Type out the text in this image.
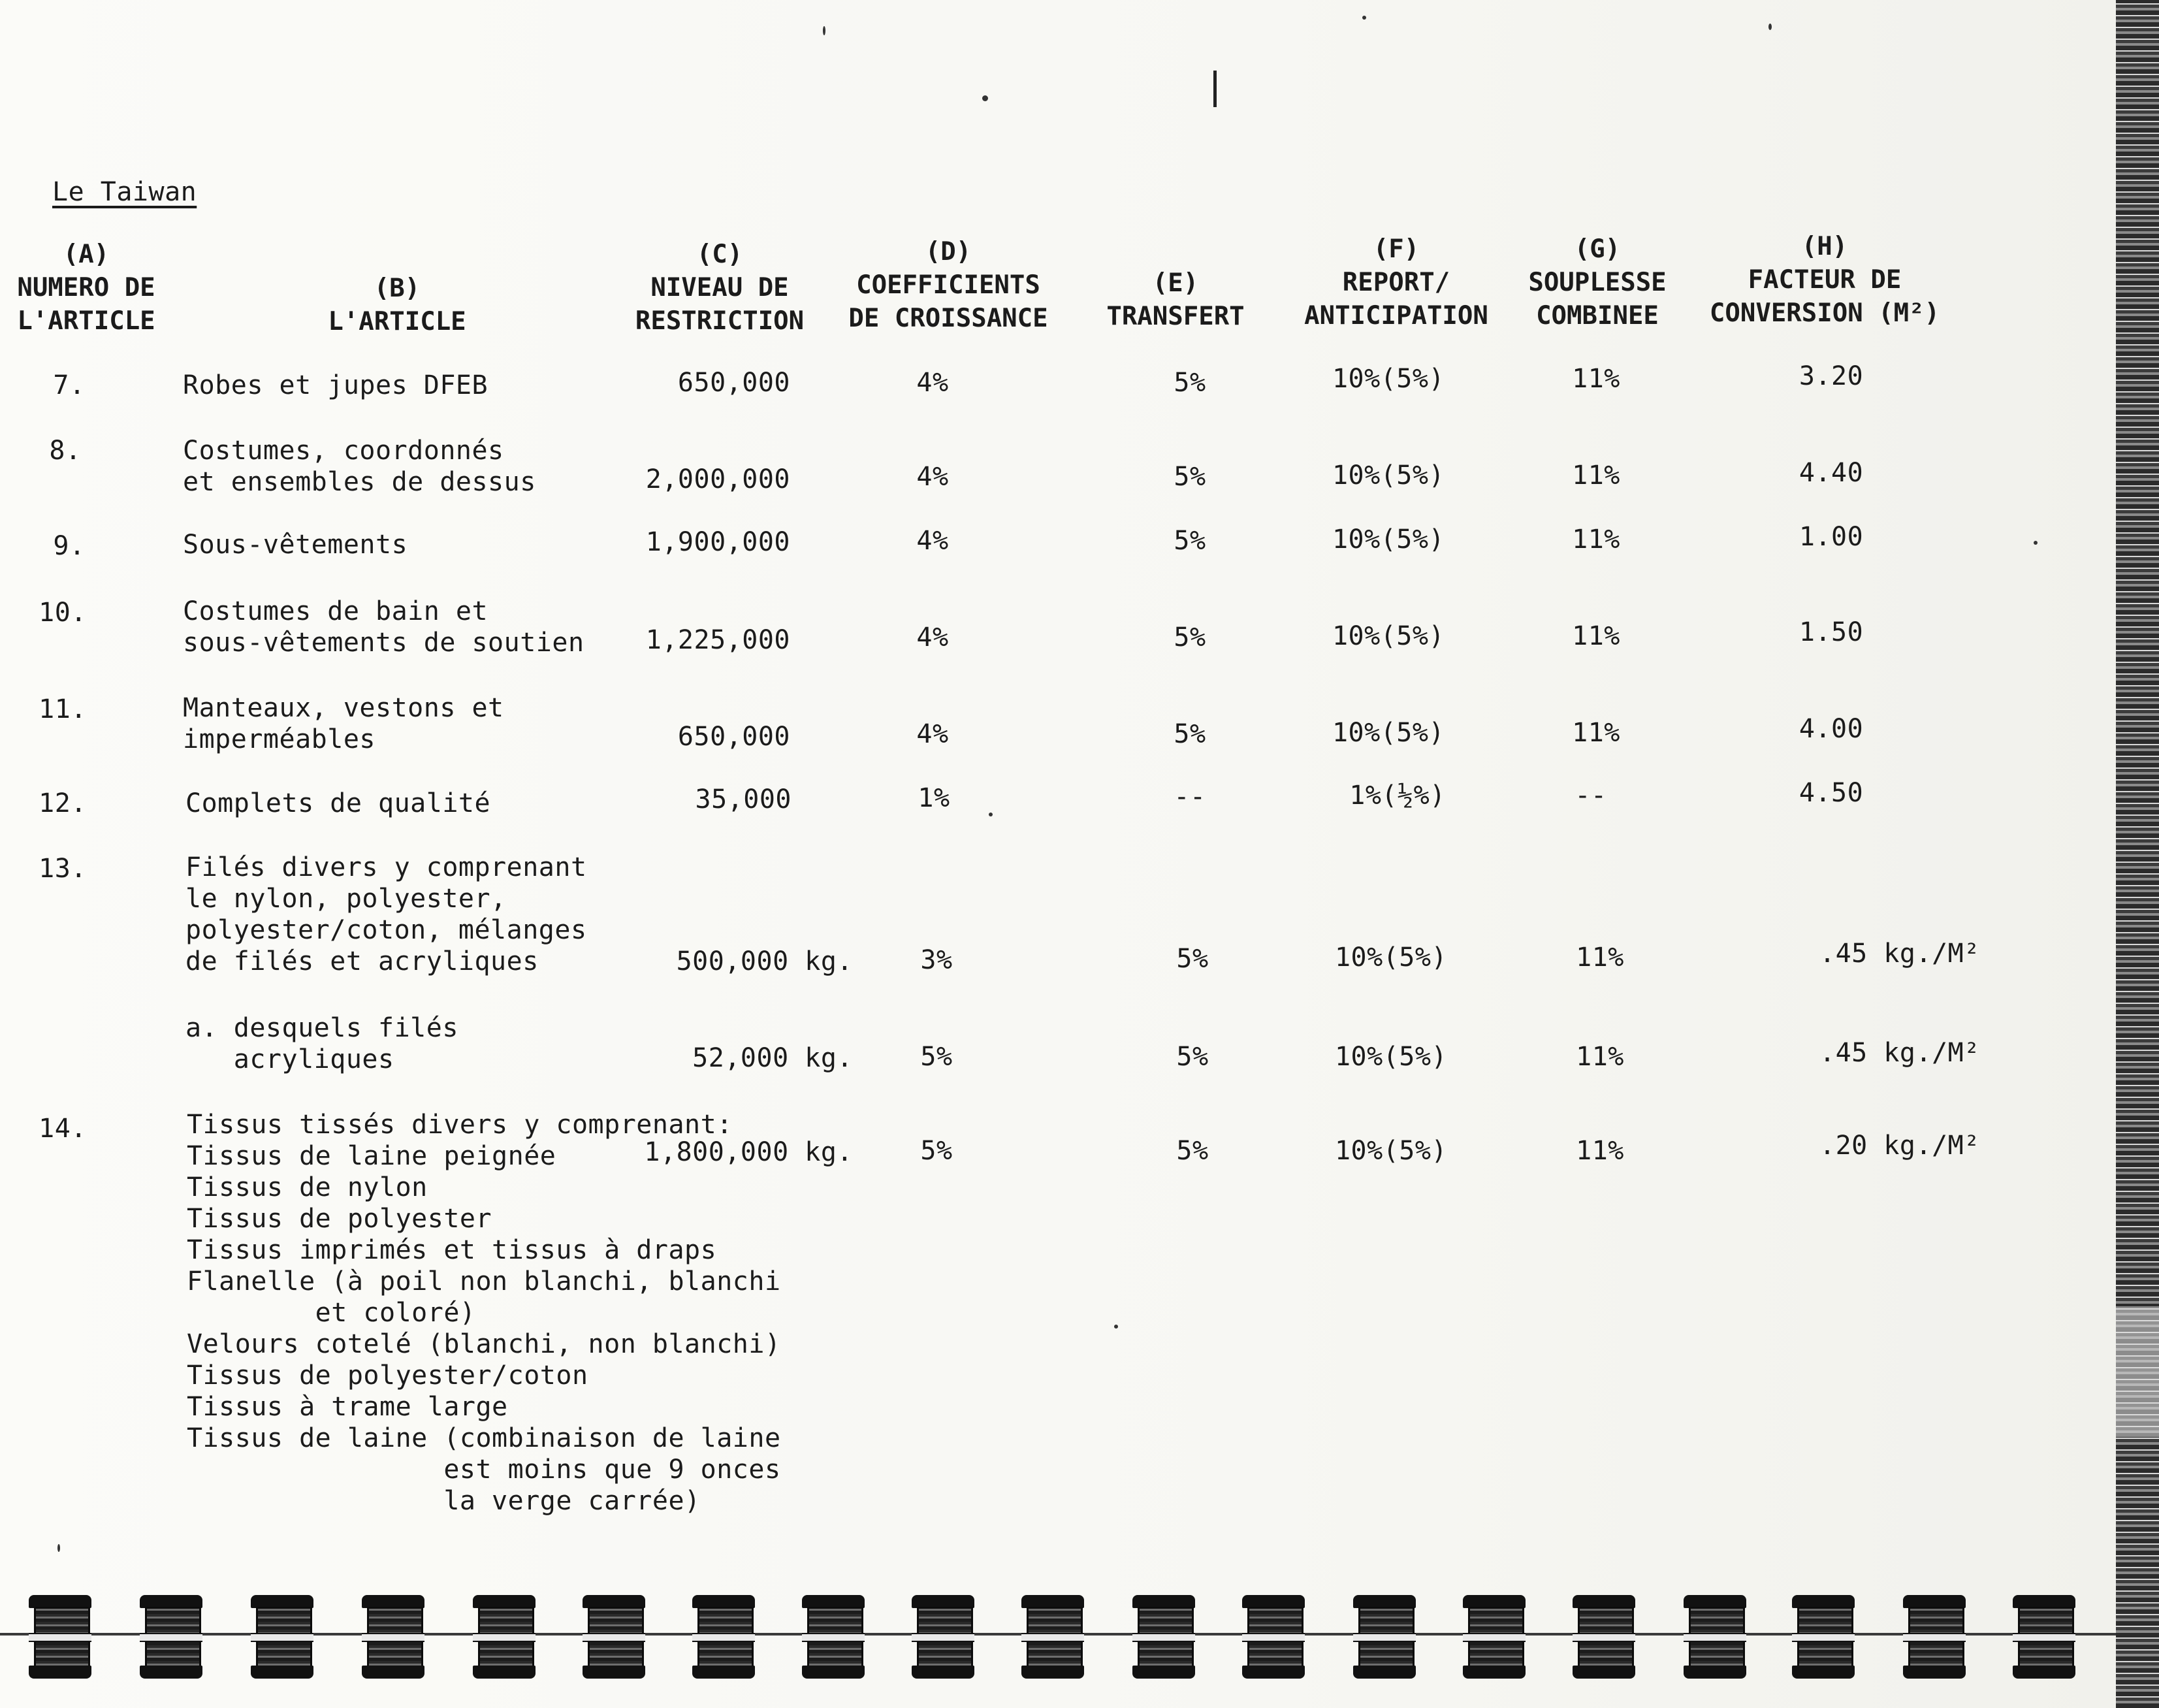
Le Taiwan
(A)
NUMERO DE
L'ARTICLE
(B)
L'ARTICLE
(C)
NIVEAU DE
RESTRICTION
(D)
COEFFICIENTS
DE CROISSANCE
(E)
TRANSFERT
(F)
REPORT/
ANTICIPATION
(G)
SOUPLESSE
COMBINEE
(H)
FACTEUR DE
CONVERSION (M²)
7.	Robes et jupes DFEB	650,000	4%	5%	10%(5%)	11%	3.20
8.	Costumes, coordonnés
et ensembles de dessus	2,000,000	4%	5%	10%(5%)	11%	4.40
9.	Sous-vêtements	1,900,000	4%	5%	10%(5%)	11%	1.00
10.	Costumes de bain et
sous-vêtements de soutien 1,225,000	4%	5%	10%(5%)	11%	1.50
11.	Manteaux, vestons et
imperméables	650,000	4%	5%	10%(5%)	11%	4.00
12.	Complets de qualité	35,000	1%	--	1%(½%)	--	4.50
13.	Filés divers y comprenant
le nylon, polyester,
polyester/coton, mélanges
de filés et acryliques	500,000 kg.	3%	5%	10%(5%)	11%	.45 kg./M²
a. desquels filés
acryliques	52,000 kg.	5%	5%	10%(5%)	11%	.45 kg./M²
14.	Tissus tissés divers y comprenant:
Tissus de laine peignée
Tissus de nylon
Tissus de polyester
Tissus imprimés et tissus à draps
Flanelle (à poil non blanchi, blanchi
et coloré)
Velours cotelé (blanchi, non blanchi)
Tissus de polyester/coton
Tissus à trame large
Tissus de laine (combinaison de laine
est moins que 9 onces
la verge carrée)
1,800,000 kg.	5%	5%	10%(5%)	11%	.20 kg./M²
